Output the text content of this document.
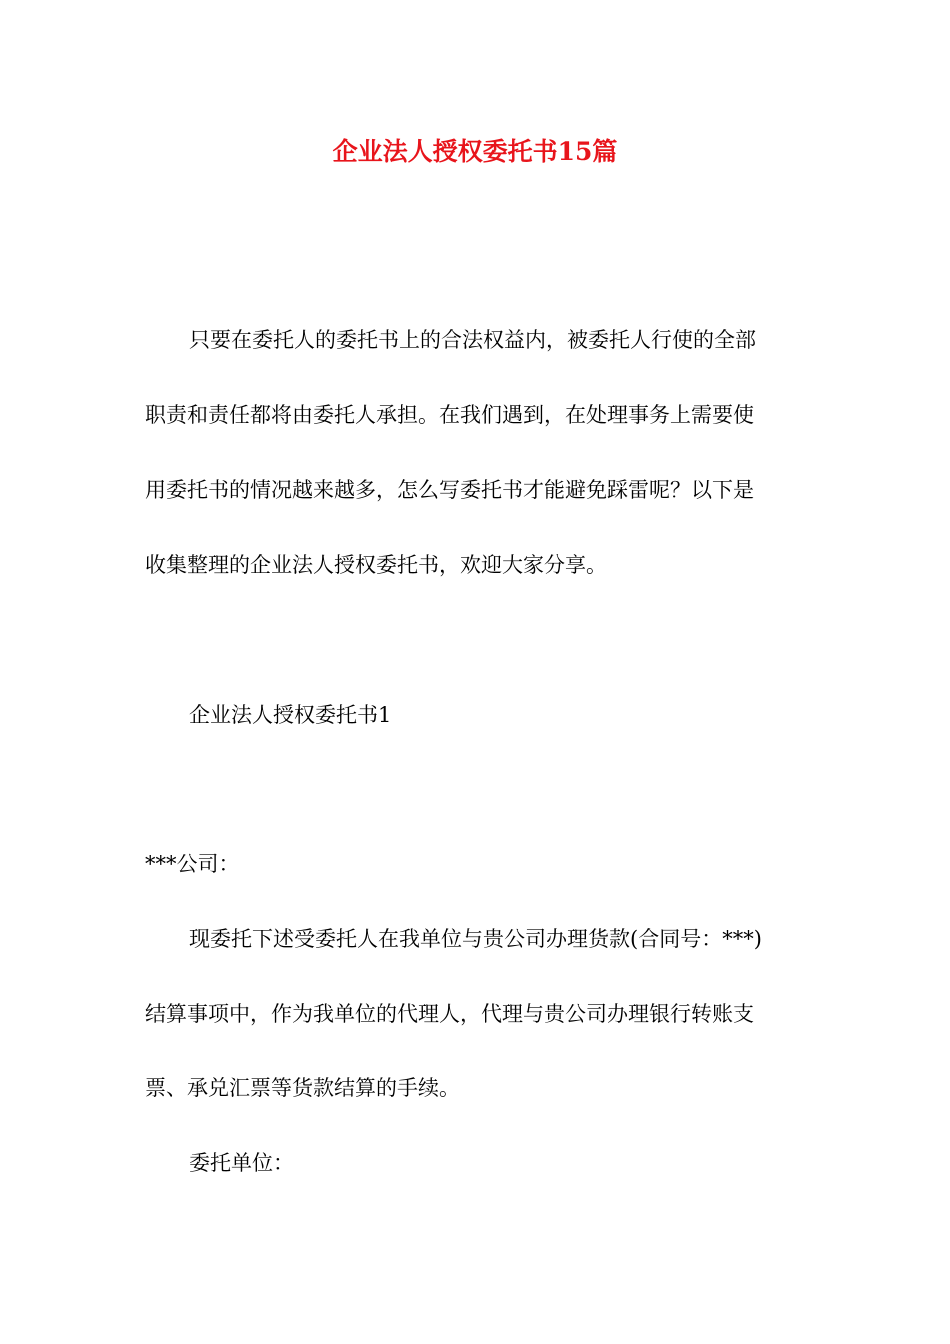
企业法人授权委托书15篇
只要在委托人的委托书上的合法权益内，被委托人行使的全部
职责和责任都将由委托人承担。在我们遇到，在处理事务上需要使
用委托书的情况越来越多，怎么写委托书才能避免踩雷呢？以下是
收集整理的企业法人授权委托书，欢迎大家分享。
企业法人授权委托书1
***公司：
现委托下述受委托人在我单位与贵公司办理货款(合同号：***)
结算事项中，作为我单位的代理人，代理与贵公司办理银行转账支
票、承兑汇票等货款结算的手续。
委托单位：
